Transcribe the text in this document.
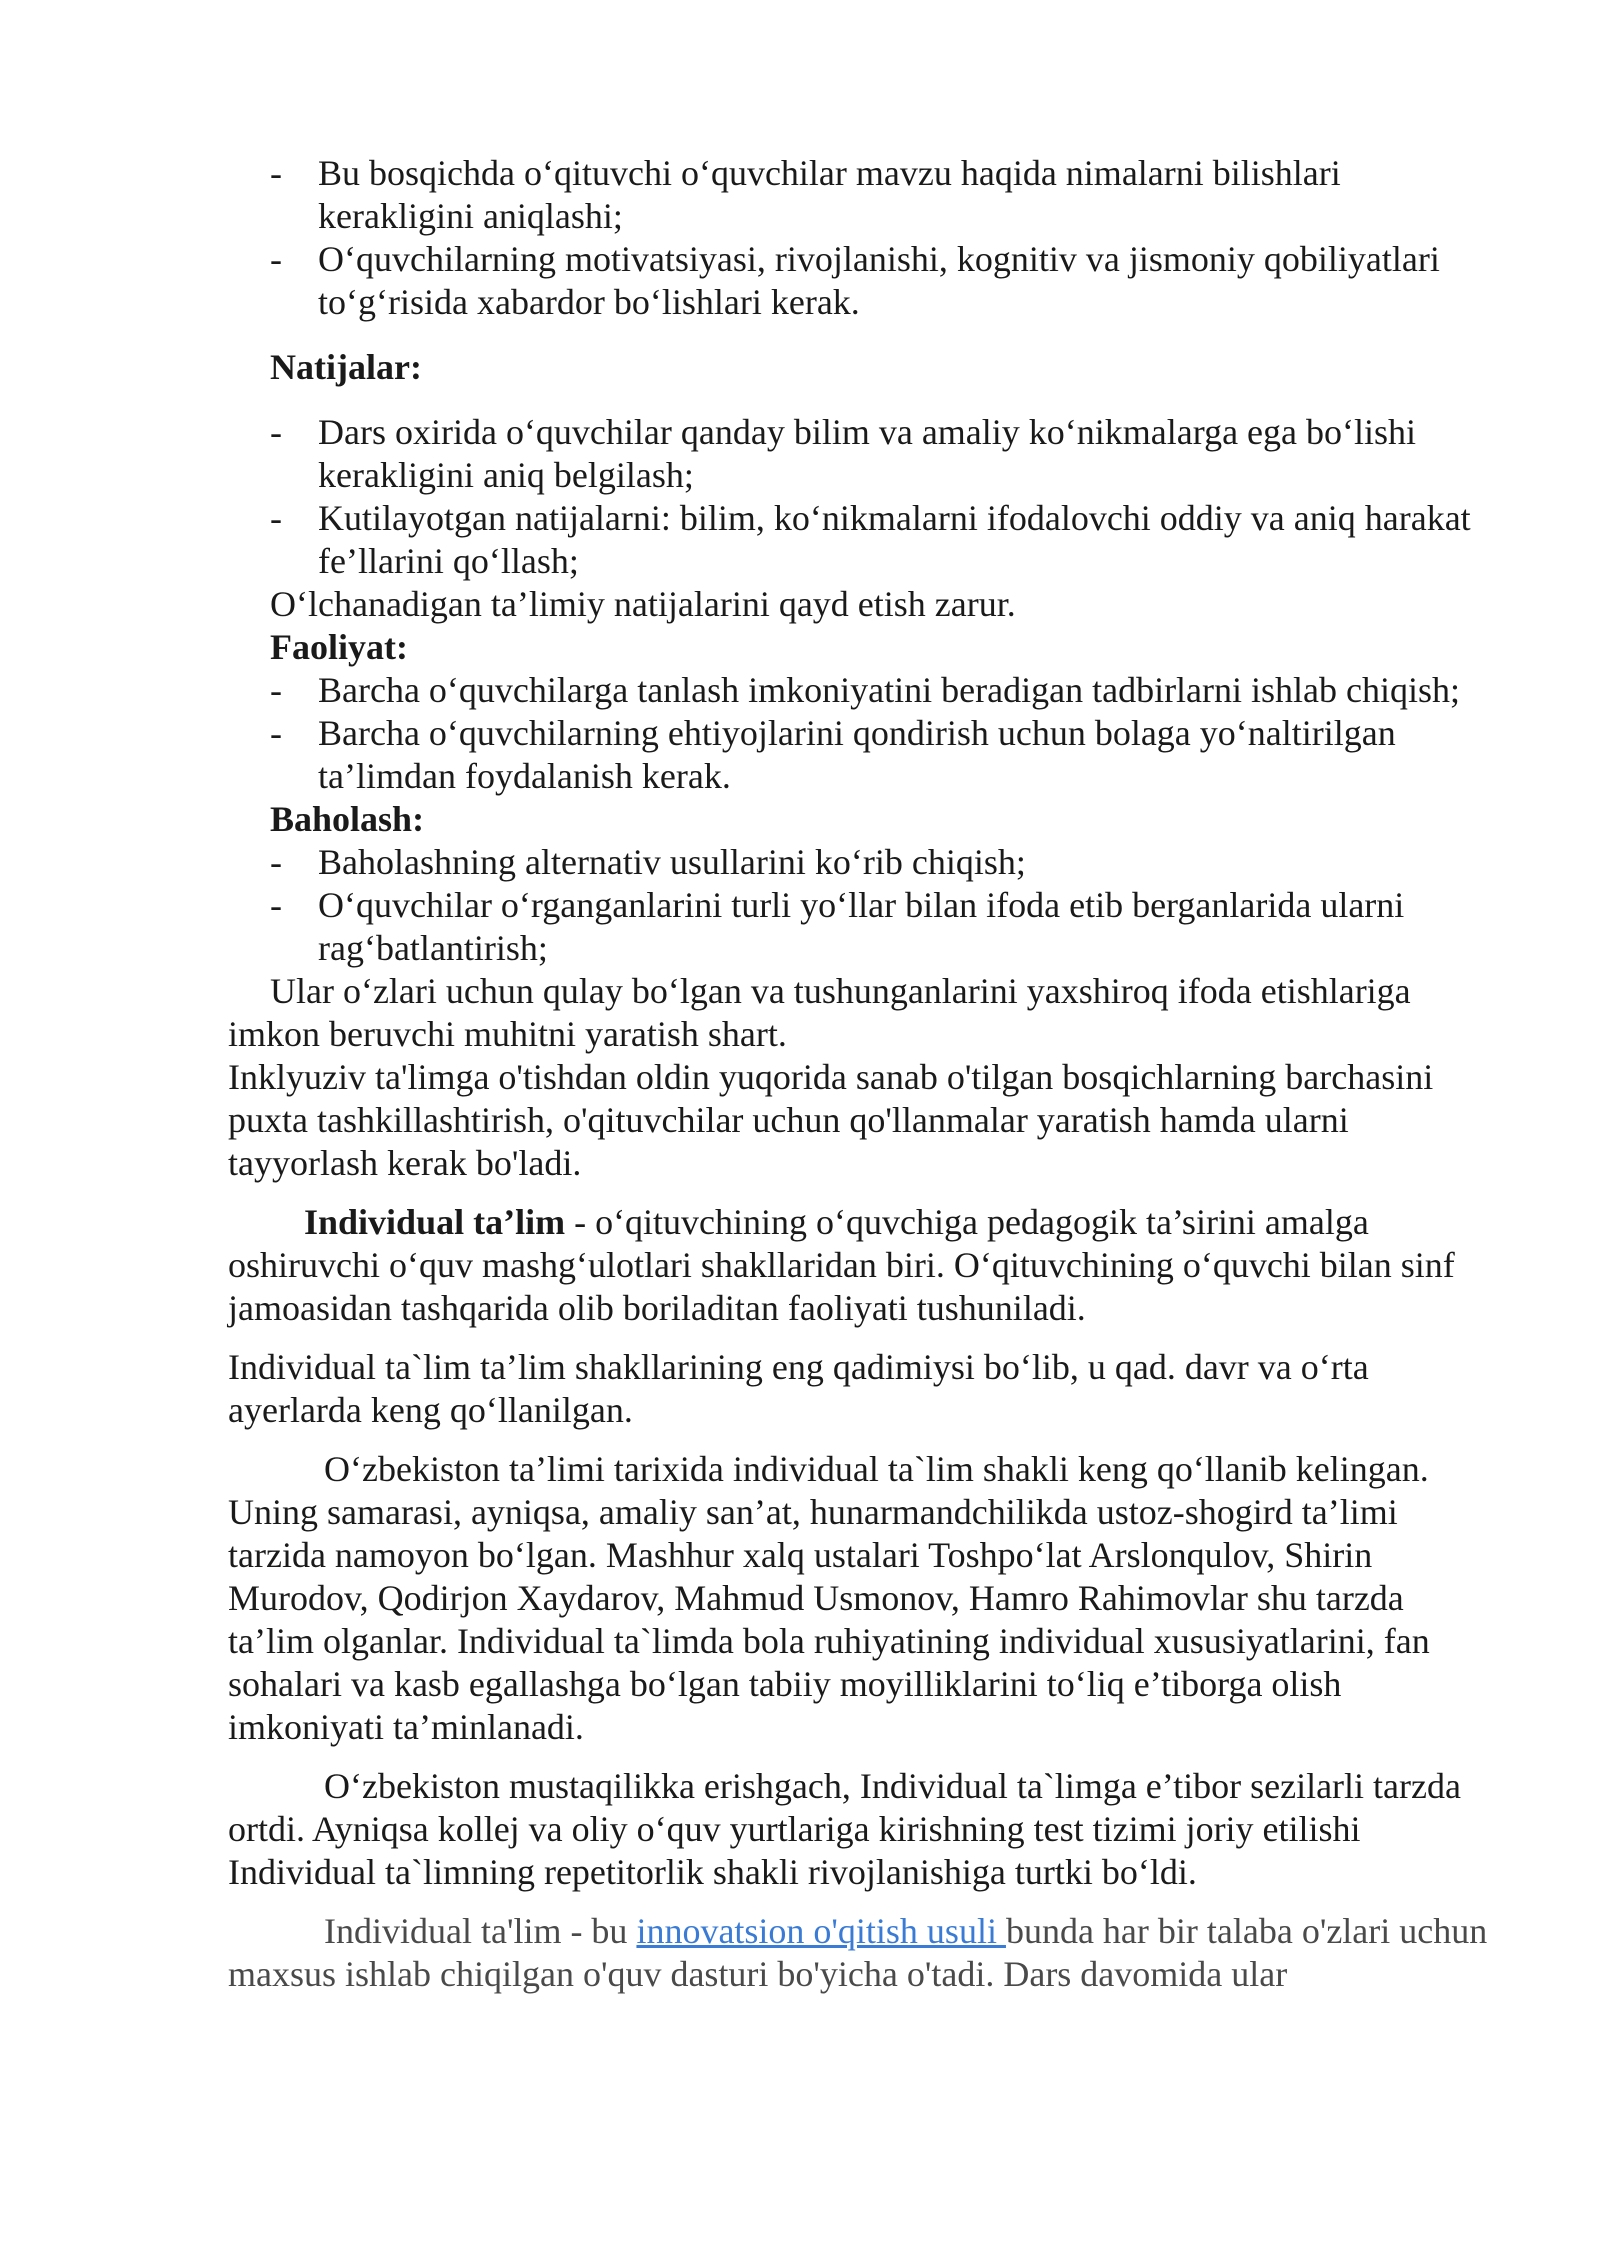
- Bu bosqichda o‘qituvchi o‘quvchilar mavzu haqida nimalarni bilishlari kerakligini aniqlashi;
- O‘quvchilarning motivatsiyasi, rivojlanishi, kognitiv va jismoniy qobiliyatlari to‘g‘risida xabardor bo‘lishlari kerak.
Natijalar:
- Dars oxirida o‘quvchilar qanday bilim va amaliy ko‘nikmalarga ega bo‘lishi kerakligini aniq belgilash;
- Kutilayotgan natijalarni: bilim, ko‘nikmalarni ifodalovchi oddiy va aniq harakat fe’llarini qo‘llash;

O‘lchanadigan ta’limiy natijalarini qayd etish zarur.

Faoliyat:
- Barcha o‘quvchilarga tanlash imkoniyatini beradigan tadbirlarni ishlab chiqish;
- Barcha o‘quvchilarning ehtiyojlarini qondirish uchun bolaga yo‘naltirilgan ta’limdan foydalanish kerak.
Baholash:
- Baholashning alternativ usullarini ko‘rib chiqish;
- O‘quvchilar o‘rganganlarini turli yo‘llar bilan ifoda etib berganlarida ularni rag‘batlantirish;

Ular o‘zlari uchun qulay bo‘lgan va tushunganlarini yaxshiroq ifoda etishlariga imkon beruvchi muhitni yaratish shart.

Inklyuziv ta'limga o'tishdan oldin yuqorida sanab o'tilgan bosqichlarning barchasini puxta tashkillashtirish, o'qituvchilar uchun qo'llanmalar yaratish hamda ularni tayyorlash kerak bo'ladi.

Individual ta’lim - o‘qituvchining o‘quvchiga pedagogik ta’sirini amalga oshiruvchi o‘quv mashg‘ulotlari shakllaridan biri. O‘qituvchining o‘quvchi bilan sinf jamoasidan tashqarida olib boriladitan faoliyati tushuniladi.

Individual ta`lim ta’lim shakllarining eng qadimiysi bo‘lib, u qad. davr va o‘rta ayerlarda keng qo‘llanilgan.

O‘zbekiston ta’limi tarixida individual ta`lim shakli keng qo‘llanib kelingan. Uning samarasi, ayniqsa, amaliy san’at, hunarmandchilikda ustoz-shogird ta’limi tarzida namoyon bo‘lgan. Mashhur xalq ustalari Toshpo‘lat Arslonqulov, Shirin Murodov, Qodirjon Xaydarov, Mahmud Usmonov, Hamro Rahimovlar shu tarzda ta’lim olganlar. Individual ta`limda bola ruhiyatining individual xususiyatlarini, fan sohalari va kasb egallashga bo‘lgan tabiiy moyilliklarini to‘liq e’tiborga olish imkoniyati ta’minlanadi.

O‘zbekiston mustaqilikka erishgach, Individual ta`limga e’tibor sezilarli tarzda ortdi. Ayniqsa kollej va oliy o‘quv yurtlariga kirishning test tizimi joriy etilishi Individual ta`limning repetitorlik shakli rivojlanishiga turtki bo‘ldi.

Individual ta'lim - bu innovatsion o'qitish usuli bunda har bir talaba o'zlari uchun maxsus ishlab chiqilgan o'quv dasturi bo'yicha o'tadi. Dars davomida ular
